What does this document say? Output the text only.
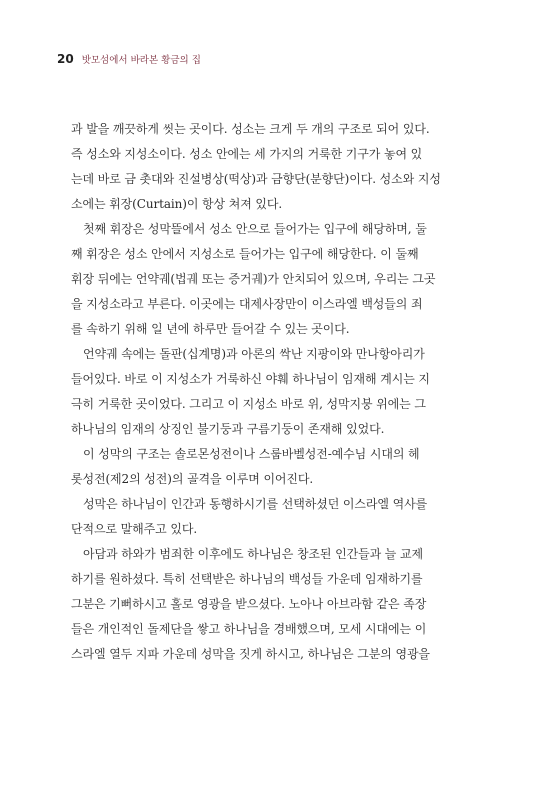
20 밧모섬에서 바라본 황금의 집
과 발을 깨끗하게 씻는 곳이다. 성소는 크게 두 개의 구조로 되어 있다.
즉 성소와 지성소이다. 성소 안에는 세 가지의 거룩한 기구가 놓여 있
는데 바로 금 촛대와 진설병상(떡상)과 금향단(분향단)이다. 성소와 지성
소에는 휘장(Curtain)이 항상 쳐져 있다.
첫째 휘장은 성막뜰에서 성소 안으로 들어가는 입구에 해당하며, 둘
째 휘장은 성소 안에서 지성소로 들어가는 입구에 해당한다. 이 둘째
휘장 뒤에는 언약궤(법궤 또는 증거궤)가 안치되어 있으며, 우리는 그곳
을 지성소라고 부른다. 이곳에는 대제사장만이 이스라엘 백성들의 죄
를 속하기 위해 일 년에 하루만 들어갈 수 있는 곳이다.
언약궤 속에는 돌판(십계명)과 아론의 싹난 지팡이와 만나항아리가
들어있다. 바로 이 지성소가 거룩하신 야훼 하나님이 임재해 계시는 지
극히 거룩한 곳이었다. 그리고 이 지성소 바로 위, 성막지붕 위에는 그
하나님의 임재의 상징인 불기둥과 구름기둥이 존재해 있었다.
이 성막의 구조는 솔로몬성전이나 스룹바벨성전-예수님 시대의 헤
롯성전(제2의 성전)의 골격을 이루며 이어진다.
성막은 하나님이 인간과 동행하시기를 선택하셨던 이스라엘 역사를
단적으로 말해주고 있다.
아담과 하와가 범죄한 이후에도 하나님은 창조된 인간들과 늘 교제
하기를 원하셨다. 특히 선택받은 하나님의 백성들 가운데 임재하기를
그분은 기뻐하시고 홀로 영광을 받으셨다. 노아나 아브라함 같은 족장
들은 개인적인 돌제단을 쌓고 하나님을 경배했으며, 모세 시대에는 이
스라엘 열두 지파 가운데 성막을 짓게 하시고, 하나님은 그분의 영광을
